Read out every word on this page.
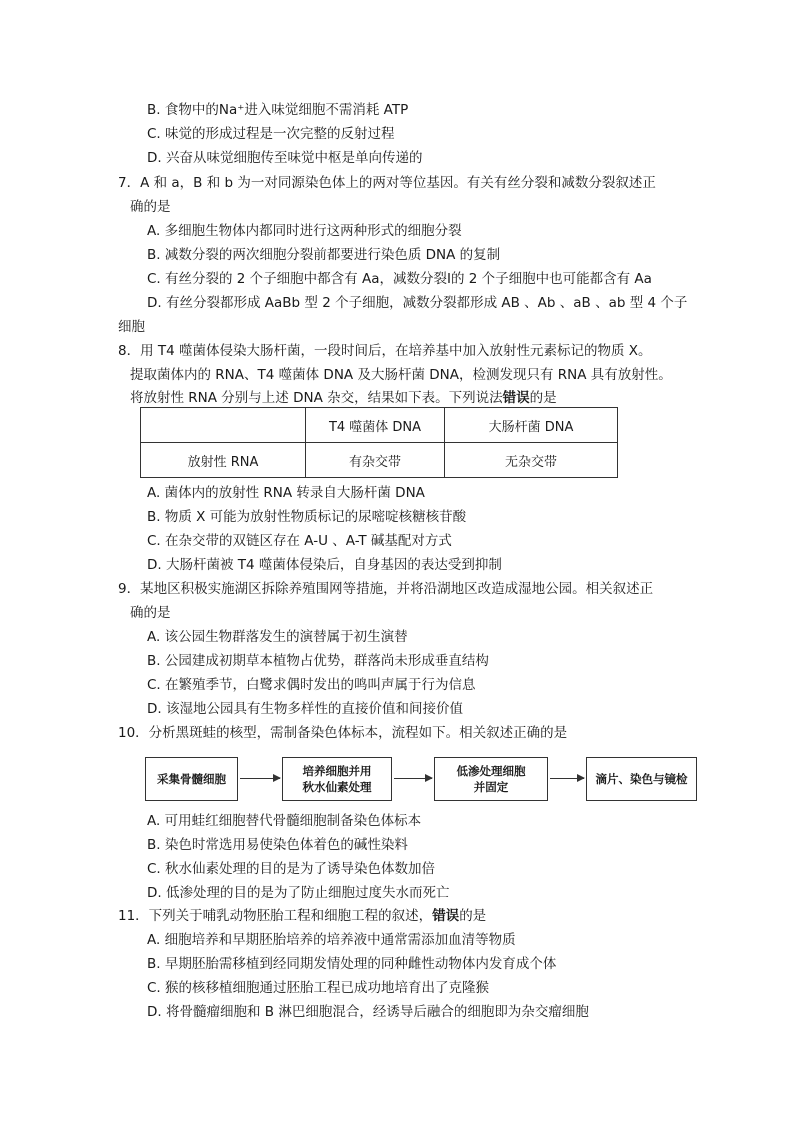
B. 食物中的Na⁺进入味觉细胞不需消耗 ATP
C. 味觉的形成过程是一次完整的反射过程
D. 兴奋从味觉细胞传至味觉中枢是单向传递的
7．A 和 a，B 和 b 为一对同源染色体上的两对等位基因。有关有丝分裂和减数分裂叙述正
确的是
A. 多细胞生物体内都同时进行这两种形式的细胞分裂
B. 减数分裂的两次细胞分裂前都要进行染色质 DNA 的复制
C. 有丝分裂的 2 个子细胞中都含有 Aa，减数分裂Ⅰ的 2 个子细胞中也可能都含有 Aa
D. 有丝分裂都形成 AaBb 型 2 个子细胞，减数分裂都形成 AB 、Ab 、aB 、ab 型 4 个子
细胞
8．用 T4 噬菌体侵染大肠杆菌，一段时间后，在培养基中加入放射性元素标记的物质 X。
提取菌体内的 RNA、T4 噬菌体 DNA 及大肠杆菌 DNA，检测发现只有 RNA 具有放射性。
将放射性 RNA 分别与上述 DNA 杂交，结果如下表。下列说法错误的是
	T4 噬菌体 DNA	大肠杆菌 DNA
放射性 RNA	有杂交带	无杂交带
A. 菌体内的放射性 RNA 转录自大肠杆菌 DNA
B. 物质 X 可能为放射性物质标记的尿嘧啶核糖核苷酸
C. 在杂交带的双链区存在 A-U 、A-T 碱基配对方式
D. 大肠杆菌被 T4 噬菌体侵染后，自身基因的表达受到抑制
9．某地区积极实施湖区拆除养殖围网等措施，并将沿湖地区改造成湿地公园。相关叙述正
确的是
A. 该公园生物群落发生的演替属于初生演替
B. 公园建成初期草本植物占优势，群落尚未形成垂直结构
C. 在繁殖季节，白鹭求偶时发出的鸣叫声属于行为信息
D. 该湿地公园具有生物多样性的直接价值和间接价值
10．分析黑斑蛙的核型，需制备染色体标本，流程如下。相关叙述正确的是
采集骨髓细胞
培养细胞并用
秋水仙素处理
低渗处理细胞
并固定
滴片、染色与镜检
A. 可用蛙红细胞替代骨髓细胞制备染色体标本
B. 染色时常选用易使染色体着色的碱性染料
C. 秋水仙素处理的目的是为了诱导染色体数加倍
D. 低渗处理的目的是为了防止细胞过度失水而死亡
11．下列关于哺乳动物胚胎工程和细胞工程的叙述，错误的是
A. 细胞培养和早期胚胎培养的培养液中通常需添加血清等物质
B. 早期胚胎需移植到经同期发情处理的同种雌性动物体内发育成个体
C. 猴的核移植细胞通过胚胎工程已成功地培育出了克隆猴
D. 将骨髓瘤细胞和 B 淋巴细胞混合，经诱导后融合的细胞即为杂交瘤细胞
